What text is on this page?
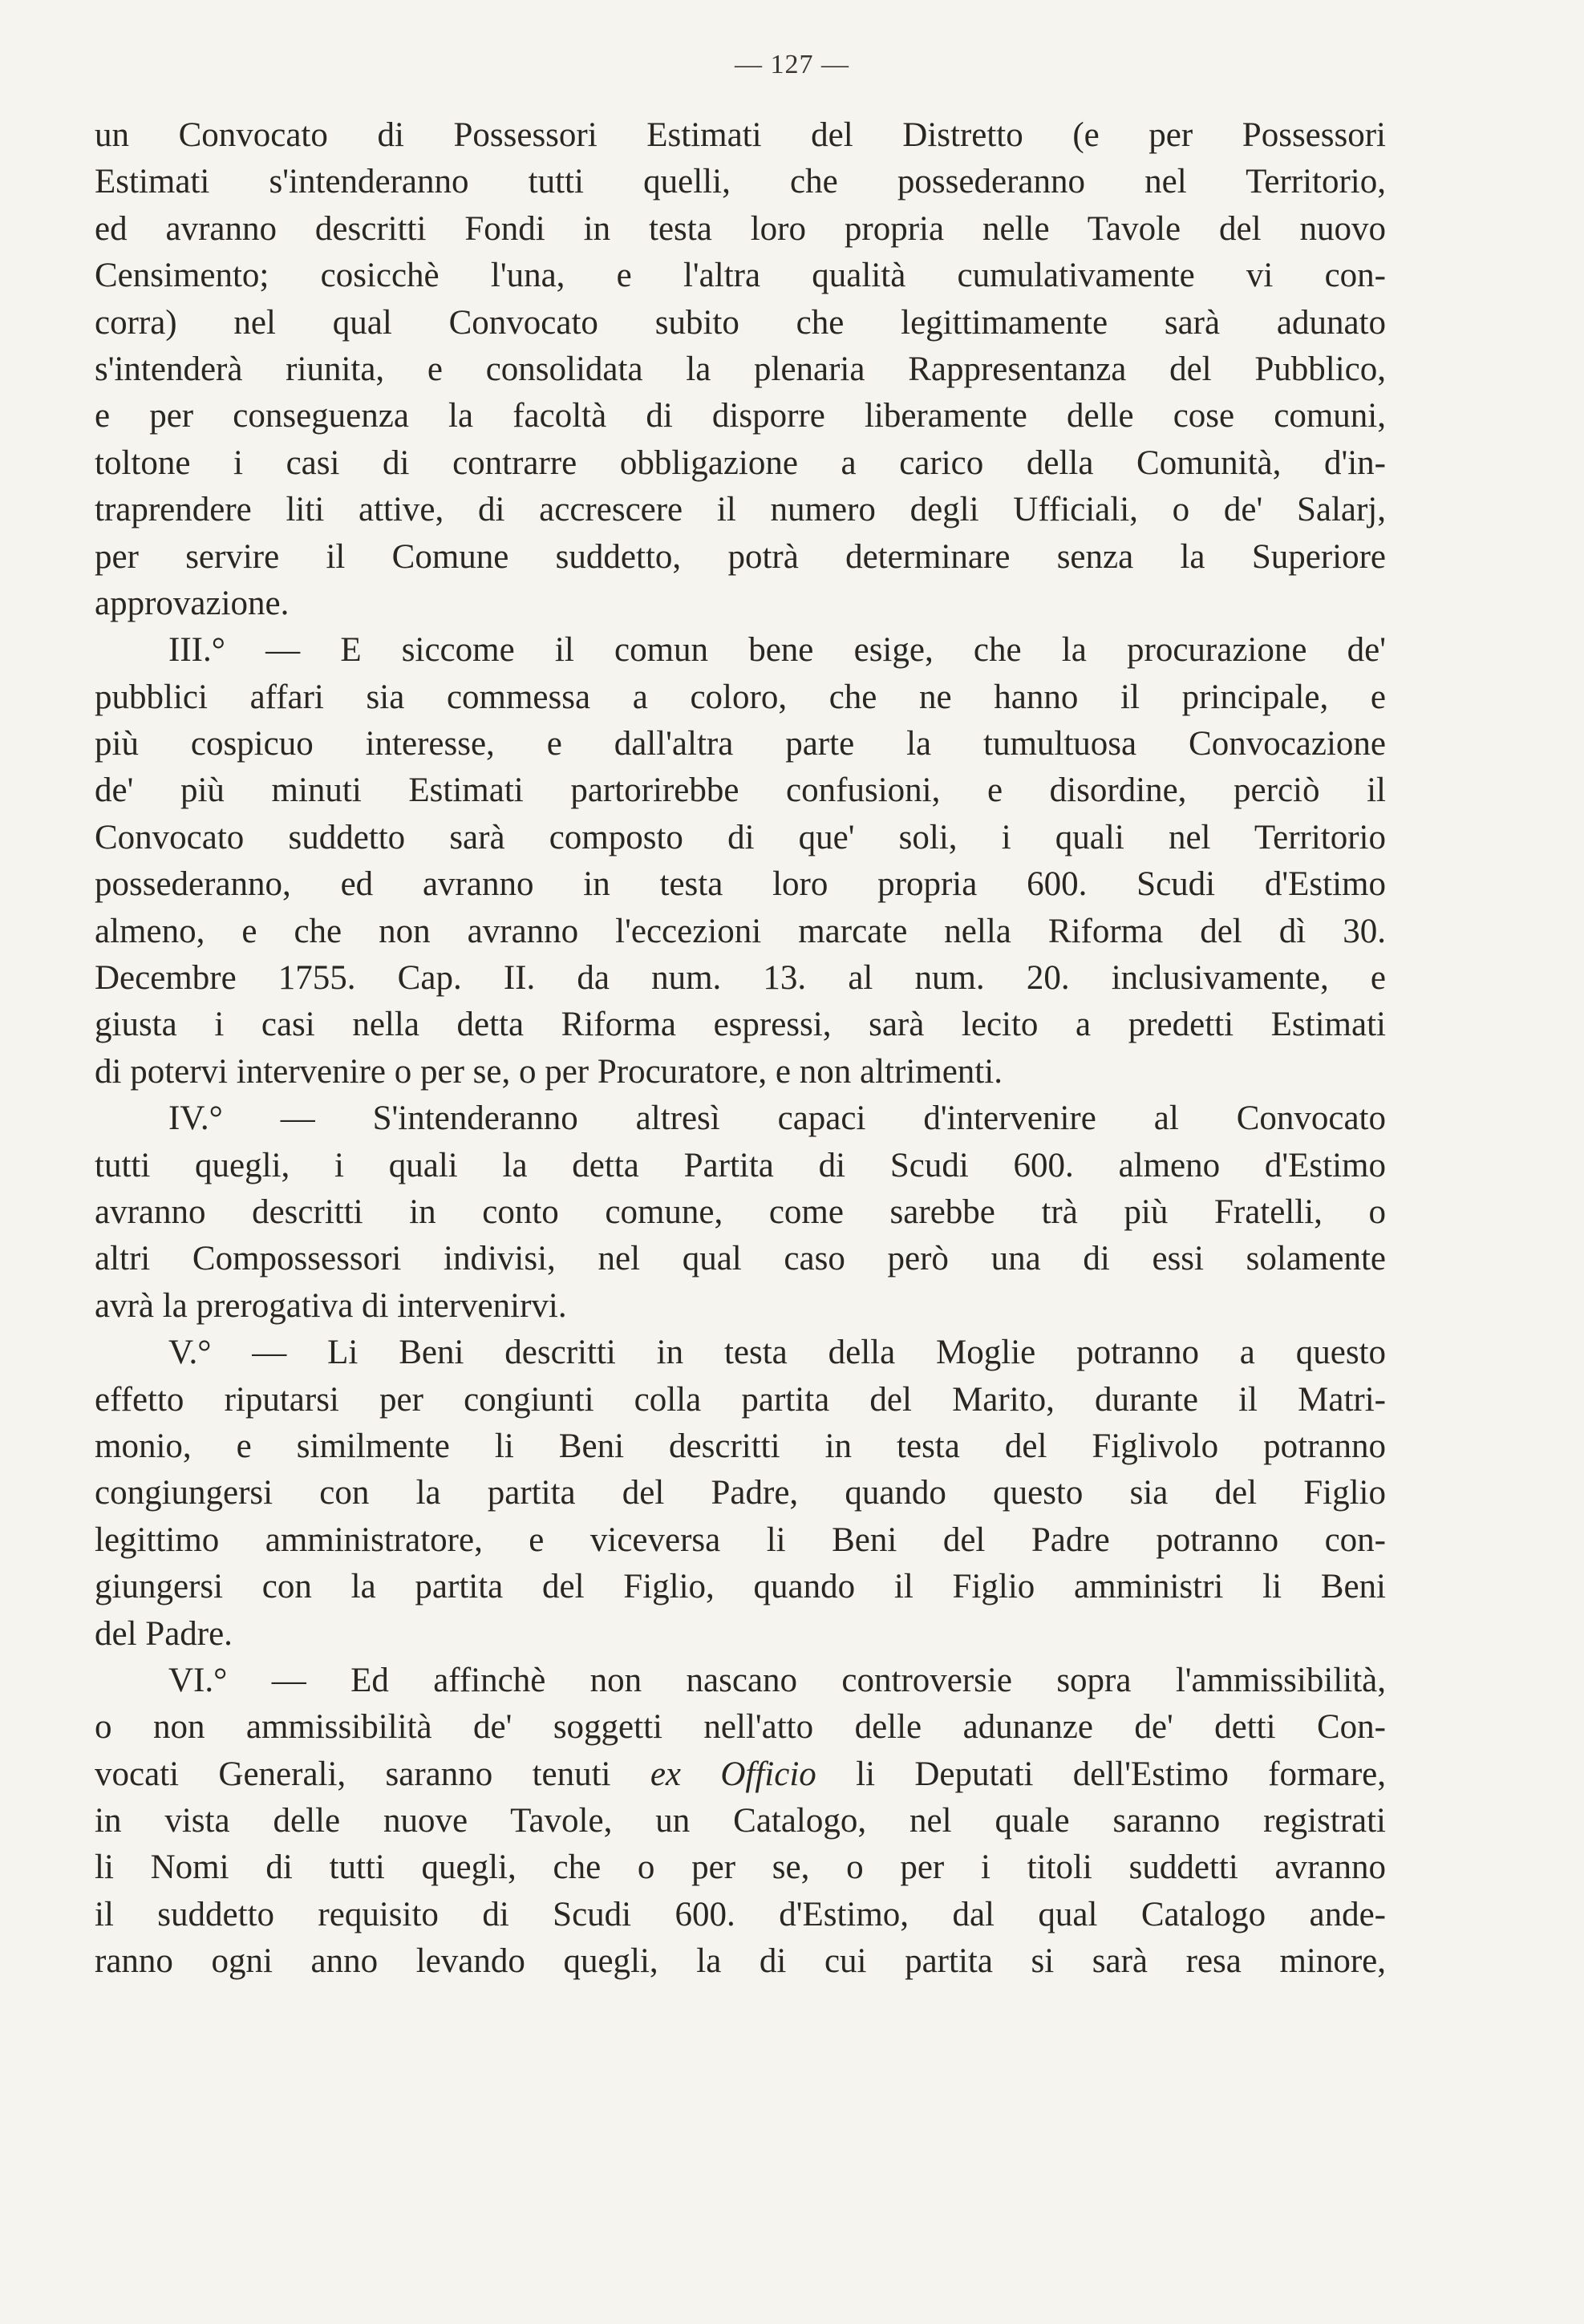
— 127 —
un Convocato di Possessori Estimati del Distretto (e per Possessori
Estimati s'intenderanno tutti quelli, che possederanno nel Territorio,
ed avranno descritti Fondi in testa loro propria nelle Tavole del nuovo
Censimento; cosicchè l'una, e l'altra qualità cumulativamente vi con-
corra) nel qual Convocato subito che legittimamente sarà adunato
s'intenderà riunita, e consolidata la plenaria Rappresentanza del Pubblico,
e per conseguenza la facoltà di disporre liberamente delle cose comuni,
toltone i casi di contrarre obbligazione a carico della Comunità, d'in-
traprendere liti attive, di accrescere il numero degli Ufficiali, o de' Salarj,
per servire il Comune suddetto, potrà determinare senza la Superiore
approvazione.
III.° — E siccome il comun bene esige, che la procurazione de'
pubblici affari sia commessa a coloro, che ne hanno il principale, e
più cospicuo interesse, e dall'altra parte la tumultuosa Convocazione
de' più minuti Estimati partorirebbe confusioni, e disordine, perciò il
Convocato suddetto sarà composto di que' soli, i quali nel Territorio
possederanno, ed avranno in testa loro propria 600. Scudi d'Estimo
almeno, e che non avranno l'eccezioni marcate nella Riforma del dì 30.
Decembre 1755. Cap. II. da num. 13. al num. 20. inclusivamente, e
giusta i casi nella detta Riforma espressi, sarà lecito a predetti Estimati
di potervi intervenire o per se, o per Procuratore, e non altrimenti.
IV.° — S'intenderanno altresì capaci d'intervenire al Convocato
tutti quegli, i quali la detta Partita di Scudi 600. almeno d'Estimo
avranno descritti in conto comune, come sarebbe trà più Fratelli, o
altri Compossessori indivisi, nel qual caso però una di essi solamente
avrà la prerogativa di intervenirvi.
V.° — Li Beni descritti in testa della Moglie potranno a questo
effetto riputarsi per congiunti colla partita del Marito, durante il Matri-
monio, e similmente li Beni descritti in testa del Figlivolo potranno
congiungersi con la partita del Padre, quando questo sia del Figlio
legittimo amministratore, e viceversa li Beni del Padre potranno con-
giungersi con la partita del Figlio, quando il Figlio amministri li Beni
del Padre.
VI.° — Ed affinchè non nascano controversie sopra l'ammissibilità,
o non ammissibilità de' soggetti nell'atto delle adunanze de' detti Con-
vocati Generali, saranno tenuti ex Officio li Deputati dell'Estimo formare,
in vista delle nuove Tavole, un Catalogo, nel quale saranno registrati
li Nomi di tutti quegli, che o per se, o per i titoli suddetti avranno
il suddetto requisito di Scudi 600. d'Estimo, dal qual Catalogo ande-
ranno ogni anno levando quegli, la di cui partita si sarà resa minore,
